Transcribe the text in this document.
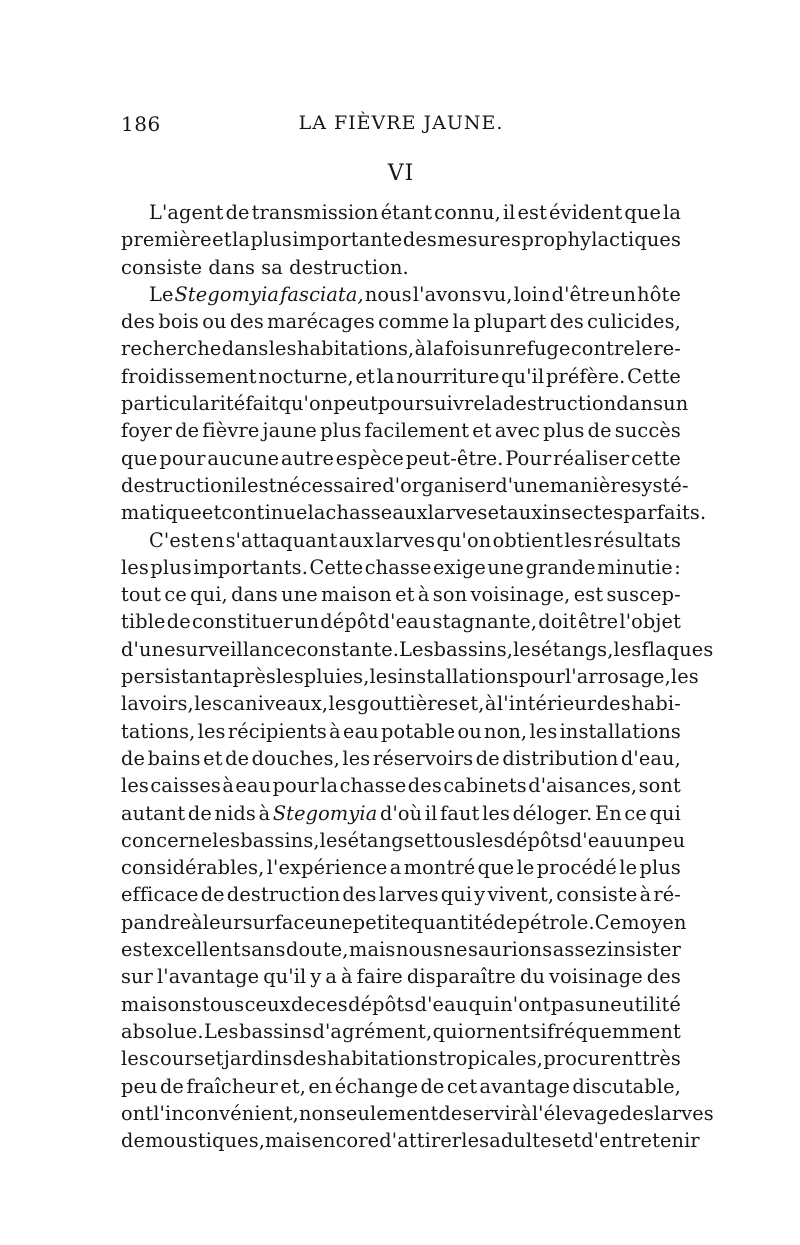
186	LA FIÈVRE JAUNE.
VI
L'agent de transmission étant connu, il est évident que la
première et la plus importante des mesures prophylactiques
consiste dans sa destruction.
Le Stegomyia fasciata, nous l'avons vu, loin d'être un hôte
des bois ou des marécages comme la plupart des culicides,
recherche dans les habitations, à la fois un refuge contre le re-
froidissement nocturne, et la nourriture qu'il préfère. Cette
particularité fait qu'on peut poursuivre la destruction dans un
foyer de fièvre jaune plus facilement et avec plus de succès
que pour aucune autre espèce peut-être. Pour réaliser cette
destruction il est nécessaire d'organiser d'une manière systé-
matique et continue la chasse aux larves et aux insectes parfaits.
C'est en s'attaquant aux larves qu'on obtient les résultats
les plus importants. Cette chasse exige une grande minutie :
tout ce qui, dans une maison et à son voisinage, est suscep-
tible de constituer un dépôt d'eau stagnante, doit être l'objet
d'une surveillance constante. Les bassins, les étangs, les flaques
persistant après les pluies, les installations pour l'arrosage, les
lavoirs, les caniveaux, les gouttières et, à l'intérieur des habi-
tations, les récipients à eau potable ou non, les installations
de bains et de douches, les réservoirs de distribution d'eau,
les caisses à eau pour la chasse des cabinets d'aisances, sont
autant de nids à Stegomyia d'où il faut les déloger. En ce qui
concerne les bassins, les étangs et tous les dépôts d'eau un peu
considérables, l'expérience a montré que le procédé le plus
efficace de destruction des larves qui y vivent, consiste à ré-
pandre à leur surface une petite quantité de pétrole. Ce moyen
est excellent sans doute, mais nous ne saurions assez insister
sur l'avantage qu'il y a à faire disparaître du voisinage des
maisons tous ceux de ces dépôts d'eau qui n'ont pas une utilité
absolue. Les bassins d'agrément, qui ornent si fréquemment
les cours et jardins des habitations tropicales, procurent très
peu de fraîcheur et, en échange de cet avantage discutable,
ont l'inconvénient, non seulement de servir à l'élevage des larves
de moustiques, mais encore d'attirer les adultes et d'entretenir
